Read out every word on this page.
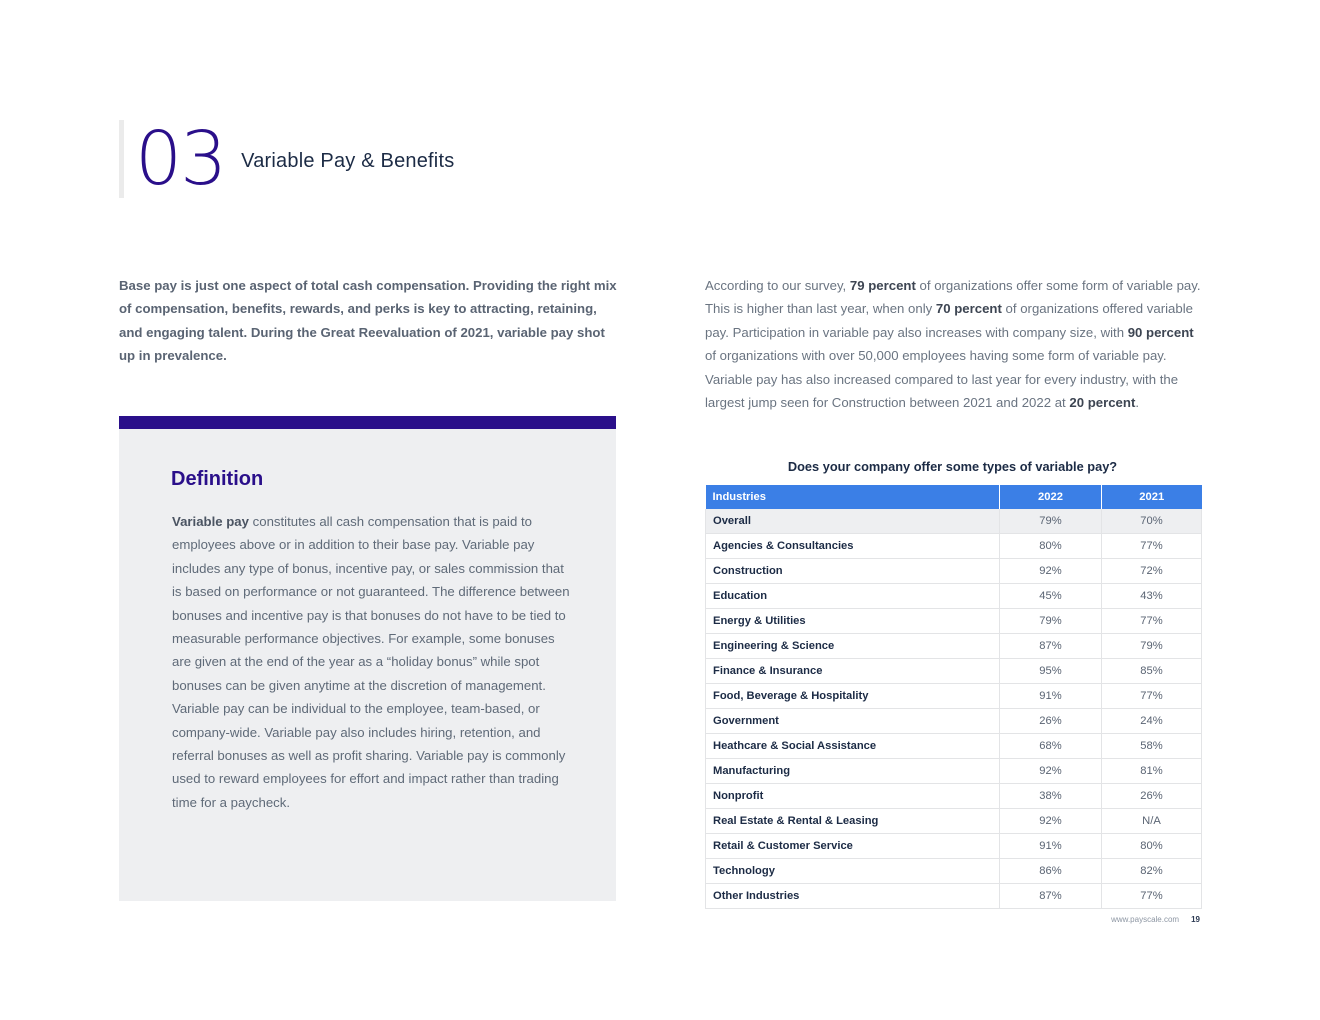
03 Variable Pay & Benefits

Base pay is just one aspect of total cash compensation. Providing the right mix of compensation, benefits, rewards, and perks is key to attracting, retaining, and engaging talent. During the Great Reevaluation of 2021, variable pay shot up in prevalence.

Definition

Variable pay constitutes all cash compensation that is paid to employees above or in addition to their base pay. Variable pay includes any type of bonus, incentive pay, or sales commission that is based on performance or not guaranteed. The difference between bonuses and incentive pay is that bonuses do not have to be tied to measurable performance objectives. For example, some bonuses are given at the end of the year as a “holiday bonus” while spot bonuses can be given anytime at the discretion of management. Variable pay can be individual to the employee, team-based, or company-wide. Variable pay also includes hiring, retention, and referral bonuses as well as profit sharing. Variable pay is commonly used to reward employees for effort and impact rather than trading time for a paycheck.

According to our survey, 79 percent of organizations offer some form of variable pay. This is higher than last year, when only 70 percent of organizations offered variable pay. Participation in variable pay also increases with company size, with 90 percent of organizations with over 50,000 employees having some form of variable pay. Variable pay has also increased compared to last year for every industry, with the largest jump seen for Construction between 2021 and 2022 at 20 percent.

Does your company offer some types of variable pay?
Industries	2022	2021
Overall	79%	70%
Agencies & Consultancies	80%	77%
Construction	92%	72%
Education	45%	43%
Energy & Utilities	79%	77%
Engineering & Science	87%	79%
Finance & Insurance	95%	85%
Food, Beverage & Hospitality	91%	77%
Government	26%	24%
Heathcare & Social Assistance	68%	58%
Manufacturing	92%	81%
Nonprofit	38%	26%
Real Estate & Rental & Leasing	92%	N/A
Retail & Customer Service	91%	80%
Technology	86%	82%
Other Industries	87%	77%
www.payscale.com 19
